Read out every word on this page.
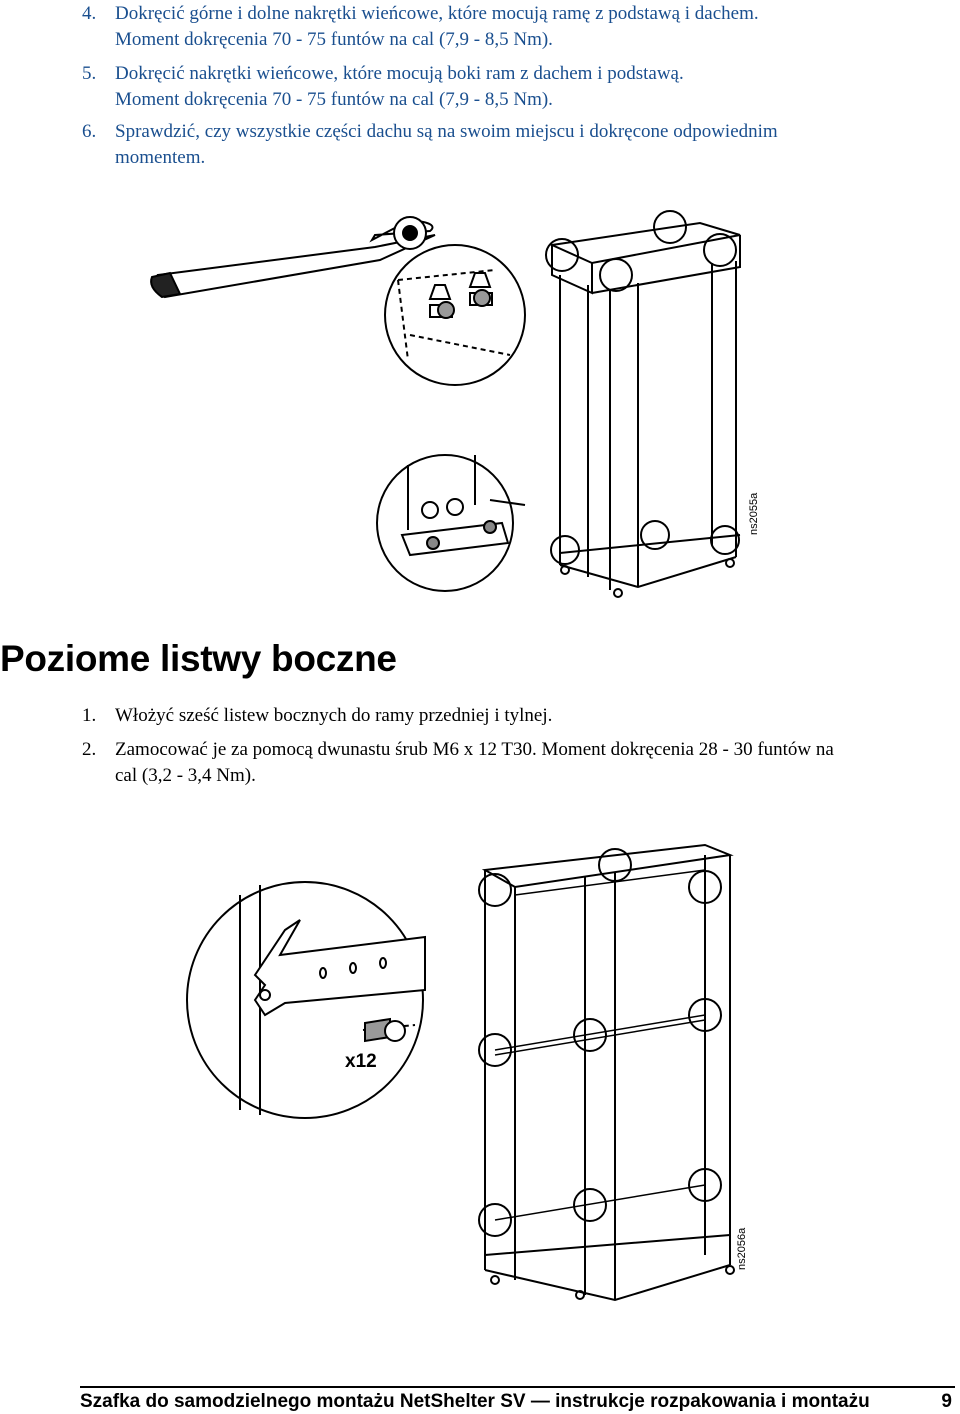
4. Dokręcić górne i dolne nakrętki wieńcowe, które mocują ramę z podstawą i dachem.
Moment dokręcenia 70 - 75 funtów na cal (7,9 - 8,5 Nm).
5. Dokręcić nakrętki wieńcowe, które mocują boki ram z dachem i podstawą.
Moment dokręcenia 70 - 75 funtów na cal (7,9 - 8,5 Nm).
6. Sprawdzić, czy wszystkie części dachu są na swoim miejscu i dokręcone odpowiednim
momentem.
ns2055a
Poziome listwy boczne
1. Włożyć sześć listew bocznych do ramy przedniej i tylnej.
2. Zamocować je za pomocą dwunastu śrub M6 x 12 T30. Moment dokręcenia 28 - 30 funtów na
cal (3,2 - 3,4 Nm).
x12
ns2056a
Szafka do samodzielnego montażu NetShelter SV — instrukcje rozpakowania i montażu	9
